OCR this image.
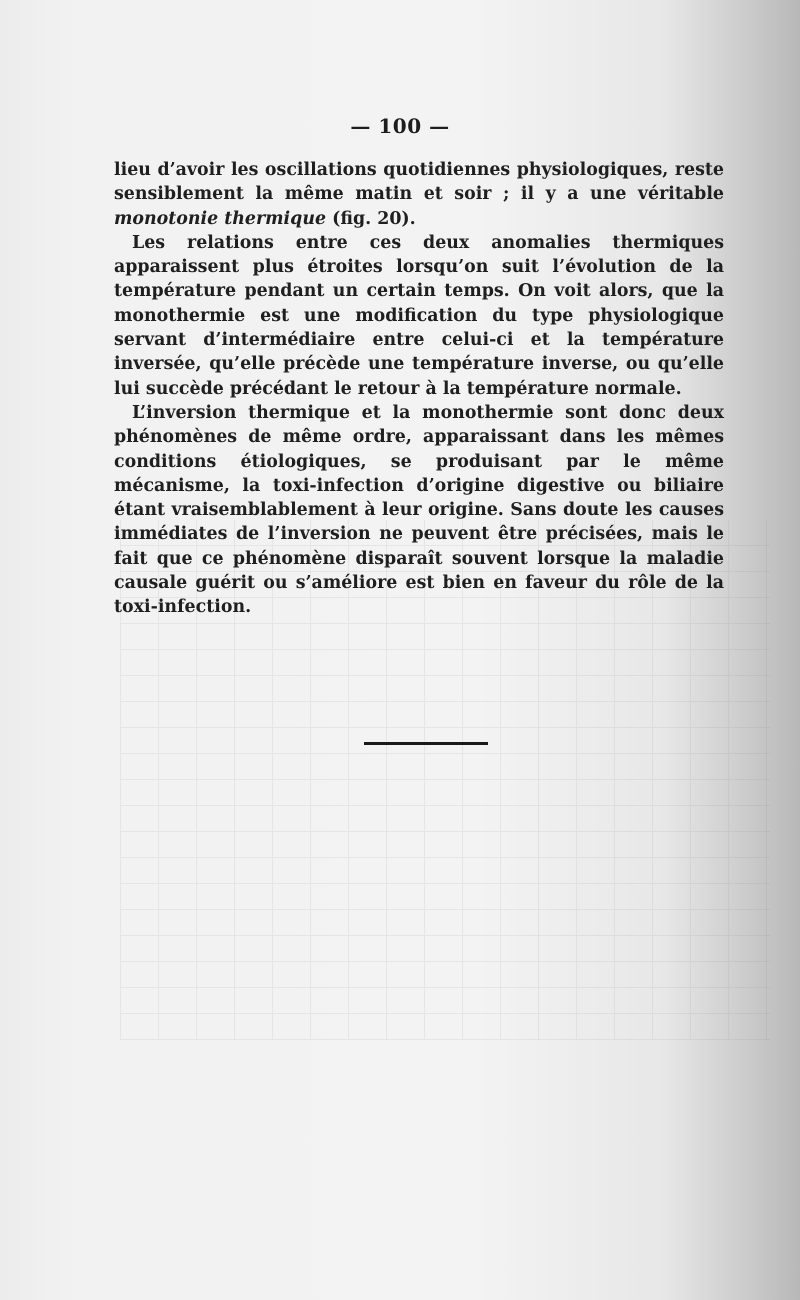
— 100 —

lieu d’avoir les oscillations quotidiennes physiologiques, reste sensiblement la même matin et soir ; il y a une véritable monotonie thermique (fig. 20).

Les relations entre ces deux anomalies thermiques apparaissent plus étroites lorsqu’on suit l’évolution de la température pendant un certain temps. On voit alors, que la monothermie est une modification du type physiologique servant d’intermédiaire entre celui-ci et la température inversée, qu’elle précède une température inverse, ou qu’elle lui succède précédant le retour à la température normale.

L’inversion thermique et la monothermie sont donc deux phénomènes de même ordre, apparaissant dans les mêmes conditions étiologiques, se produisant par le même mécanisme, la toxi-infection d’origine digestive ou biliaire étant vraisemblablement à leur origine. Sans doute les causes immédiates de l’inversion ne peuvent être précisées, mais le fait que ce phénomène disparaît souvent lorsque la maladie causale guérit ou s’améliore est bien en faveur du rôle de la toxi-infection.
